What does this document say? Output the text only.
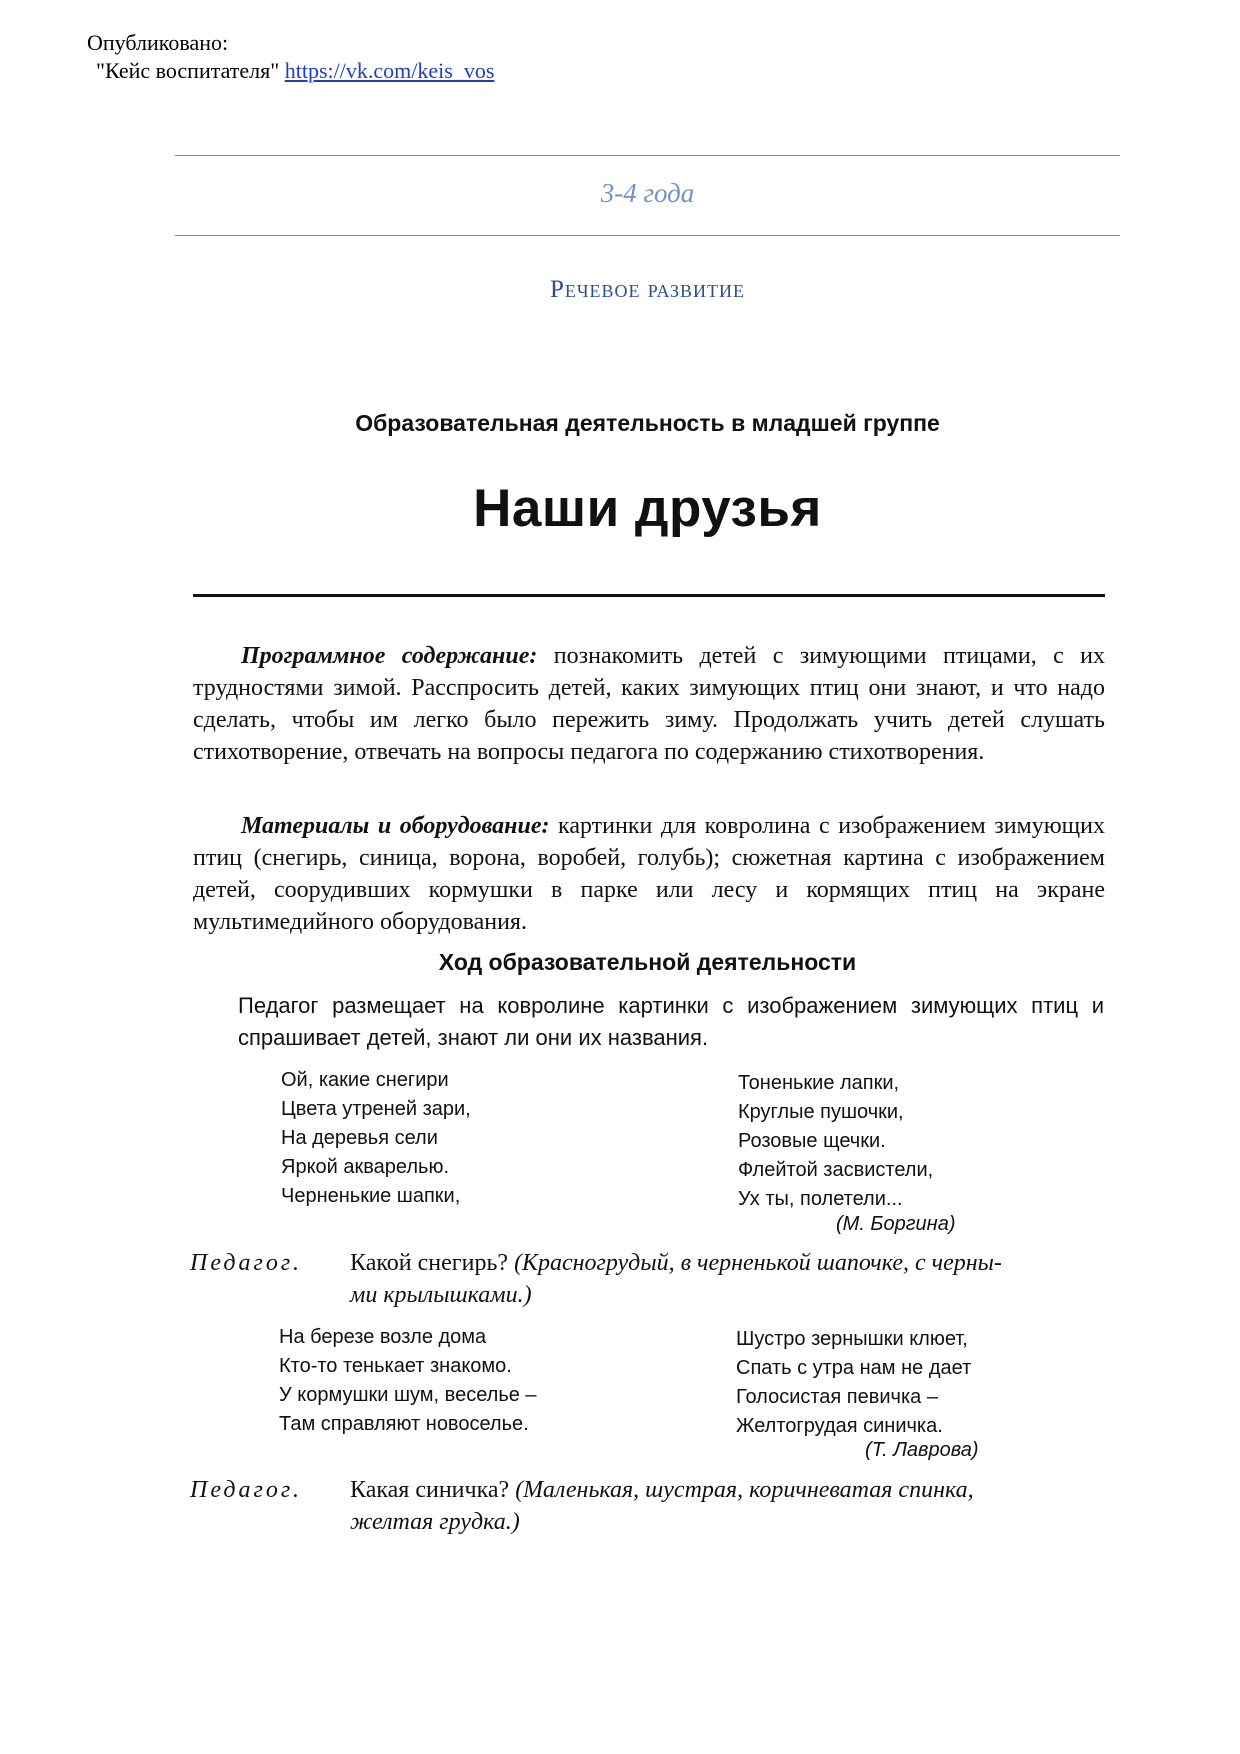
Опубликовано:
"Кейс воспитателя" https://vk.com/keis_vos
3-4 года
Речевое развитие
Образовательная деятельность в младшей группе
Наши друзья
Программное содержание: познакомить детей с зимующими птицами, с их трудностями зимой. Расспросить детей, каких зимующих птиц они знают, и что надо сделать, чтобы им легко было пережить зиму. Продолжать учить детей слушать стихотворение, отвечать на вопросы педагога по содержанию стихотворения.
Материалы и оборудование: картинки для ковролина с изображением зимующих птиц (снегирь, синица, ворона, воробей, голубь); сюжетная картина с изображением детей, соорудивших кормушки в парке или лесу и кормящих птиц на экране мультимедийного оборудования.
Ход образовательной деятельности
Педагог размещает на ковролине картинки с изображением зимующих птиц и спрашивает детей, знают ли они их названия.
Ой, какие снегири
Цвета утреней зари,
На деревья сели
Яркой акварелью.
Черненькие шапки,
Тоненькие лапки,
Круглые пушочки,
Розовые щечки.
Флейтой засвистели,
Ух ты, полетели...
(М. Боргина)
Педагог. Какой снегирь? (Красногрудый, в черненькой шапочке, с черны-
ми крылышками.)
На березе возле дома
Кто-то тенькает знакомо.
У кормушки шум, веселье –
Там справляют новоселье.
Шустро зернышки клюет,
Спать с утра нам не дает
Голосистая певичка –
Желтогрудая синичка.
(Т. Лаврова)
Педагог. Какая синичка? (Маленькая, шустрая, коричневатая спинка,
желтая грудка.)
